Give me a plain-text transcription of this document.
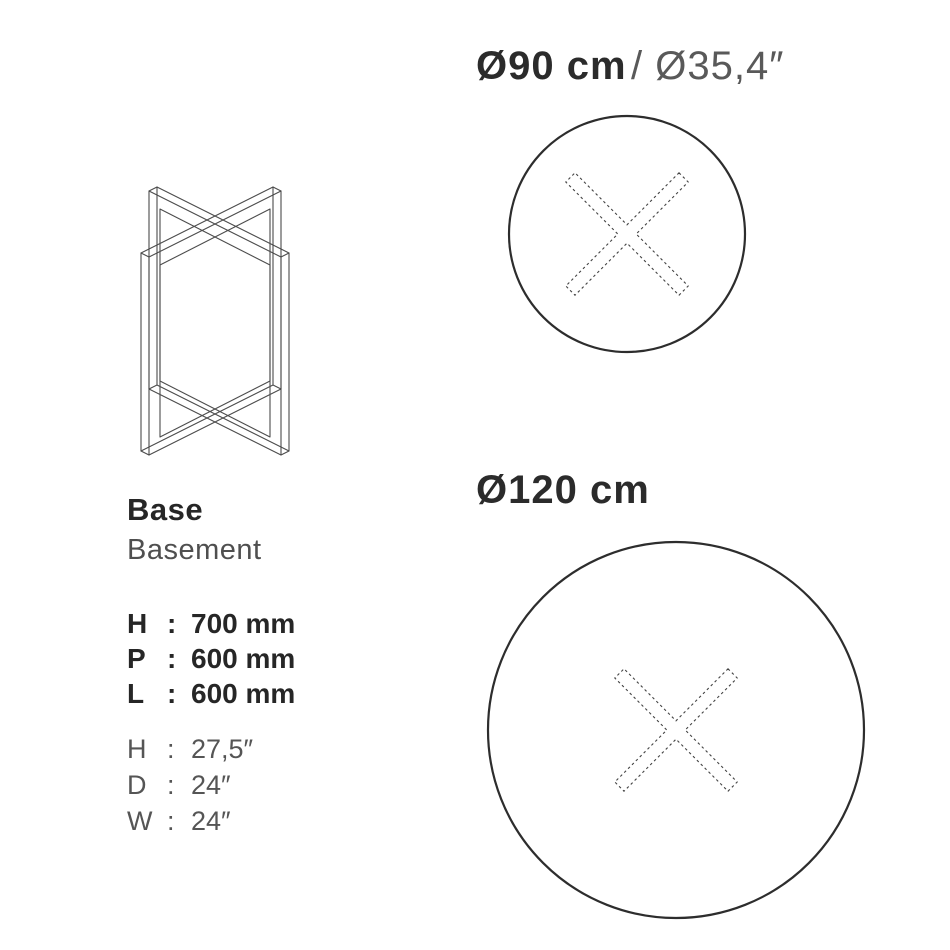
Base
Basement
H : 700 mm
P : 600 mm
L : 600 mm
H : 27,5″
D : 24″
W : 24″
Ø90 cm / Ø35,4″
Ø120 cm
